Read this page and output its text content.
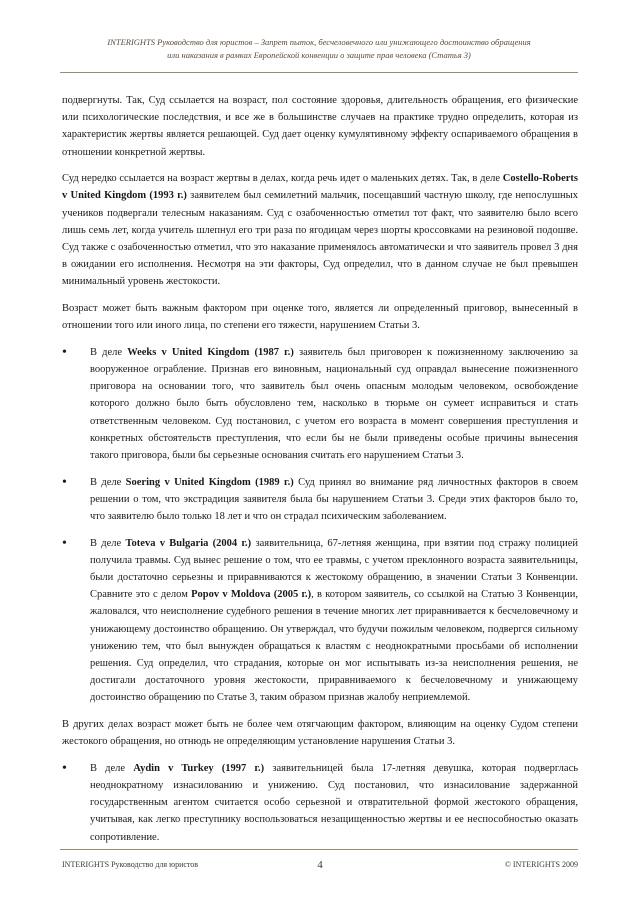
INTERIGHTS Руководство для юристов – Запрет пыток, бесчеловечного или унижающего достоинство обращения
или наказания в рамках Европейской конвенции о защите прав человека (Статья 3)

подвергнуты. Так, Суд ссылается на возраст, пол состояние здоровья, длительность обращения, его физические или психологические последствия, и все же в большинстве случаев на практике трудно определить, которая из характеристик жертвы является решающей. Суд дает оценку кумулятивному эффекту оспариваемого обращения в отношении конкретной жертвы.

Суд нередко ссылается на возраст жертвы в делах, когда речь идет о маленьких детях. Так, в деле Costello-Roberts v United Kingdom (1993 г.) заявителем был семилетний мальчик, посещавший частную школу, где непослушных учеников подвергали телесным наказаниям. Суд с озабоченностью отметил тот факт, что заявителю было всего лишь семь лет, когда учитель шлепнул его три раза по ягодицам через шорты кроссовками на резиновой подошве. Суд также с озабоченностью отметил, что это наказание применялось автоматически и что заявитель провел 3 дня в ожидании его исполнения. Несмотря на эти факторы, Суд определил, что в данном случае не был превышен минимальный уровень жестокости.

Возраст может быть важным фактором при оценке того, является ли определенный приговор, вынесенный в отношении того или иного лица, по степени его тяжести, нарушением Статьи 3.

•	В деле Weeks v United Kingdom (1987 г.) заявитель был приговорен к пожизненному заключению за вооруженное ограбление. Признав его виновным, национальный суд оправдал вынесение пожизненного приговора на основании того, что заявитель был очень опасным молодым человеком, освобождение которого должно было быть обусловлено тем, насколько в тюрьме он сумеет исправиться и стать ответственным человеком. Суд постановил, с учетом его возраста в момент совершения преступления и конкретных обстоятельств преступления, что если бы не были приведены особые причины вынесения такого приговора, были бы серьезные основания считать его нарушением Статьи 3.
•	В деле Soering v United Kingdom (1989 г.) Суд принял во внимание ряд личностных факторов в своем решении о том, что экстрадиция заявителя была бы нарушением Статьи 3. Среди этих факторов было то, что заявителю было только 18 лет и что он страдал психическим заболеванием.
•	В деле Toteva v Bulgaria (2004 г.) заявительница, 67-летняя женщина, при взятии под стражу полицией получила травмы. Суд вынес решение о том, что ее травмы, с учетом преклонного возраста заявительницы, были достаточно серьезны и приравниваются к жестокому обращению, в значении Статьи 3 Конвенции. Сравните это с делом Popov v Moldova (2005 г.), в котором заявитель, со ссылкой на Статью 3 Конвенции, жаловался, что неисполнение судебного решения в течение многих лет приравнивается к бесчеловечному и унижающему достоинство обращению. Он утверждал, что будучи пожилым человеком, подвергся сильному унижению тем, что был вынужден обращаться к властям с неоднократными просьбами об исполнении решения. Суд определил, что страдания, которые он мог испытывать из-за неисполнения решения, не достигали достаточного уровня жестокости, приравниваемого к бесчеловечному и унижающему достоинство обращению по Статье 3, таким образом признав жалобу неприемлемой.

В других делах возраст может быть не более чем отягчающим фактором, влияющим на оценку Судом степени жестокого обращения, но отнюдь не определяющим установление нарушения Статьи 3.

•	В деле Aydin v Turkey (1997 г.) заявительницей была 17-летняя девушка, которая подверглась неоднократному изнасилованию и унижению. Суд постановил, что изнасилование задержанной государственным агентом считается особо серьезной и отвратительной формой жестокого обращения, учитывая, как легко преступнику воспользоваться незащищенностью жертвы и ее неспособностью оказать сопротивление.
INTERIGHTS Руководство для юристов	4	© INTERIGHTS 2009
